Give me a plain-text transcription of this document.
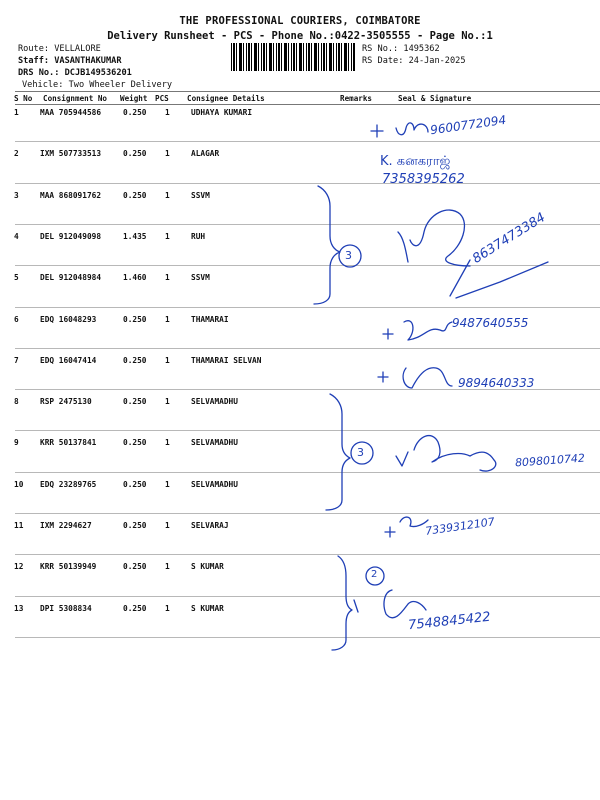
THE PROFESSIONAL COURIERS, COIMBATORE
Delivery Runsheet - PCS - Phone No.:0422-3505555 - Page No.:1
Route: VELLALORE
Staff: VASANTHAKUMAR
DRS No.: DCJB149536201
Vehicle: Two Wheeler Delivery
RS No.: 1495362
RS Date: 24-Jan-2025
S No Consignment No Weight PCS Consignee Details	Remarks	Seal & Signature
1	MAA 705944586	0.250 1	UDHAYA KUMARI
2	IXM 507733513	0.250 1	ALAGAR
3	MAA 868091762	0.250 1	SSVM
4	DEL 912049098	1.435 1	RUH
5	DEL 912048984	1.460 1	SSVM
6	EDQ 16048293	0.250 1	THAMARAI
7	EDQ 16047414	0.250 1	THAMARAI SELVAN
8	RSP 2475130	0.250 1	SELVAMADHU
9	KRR 50137841	0.250 1	SELVAMADHU
10 EDQ 23289765	0.250 1	SELVAMADHU
11 IXM 2294627	0.250 1	SELVARAJ
12 KRR 50139949	0.250 1	S KUMAR
13 DPI 5308834	0.250 1	S KUMAR
9600772094
K. கனகராஜ்
7358395262
3	8637473384
9487640555
9894640333
3	8098010742
7339312107
2
7548845422
